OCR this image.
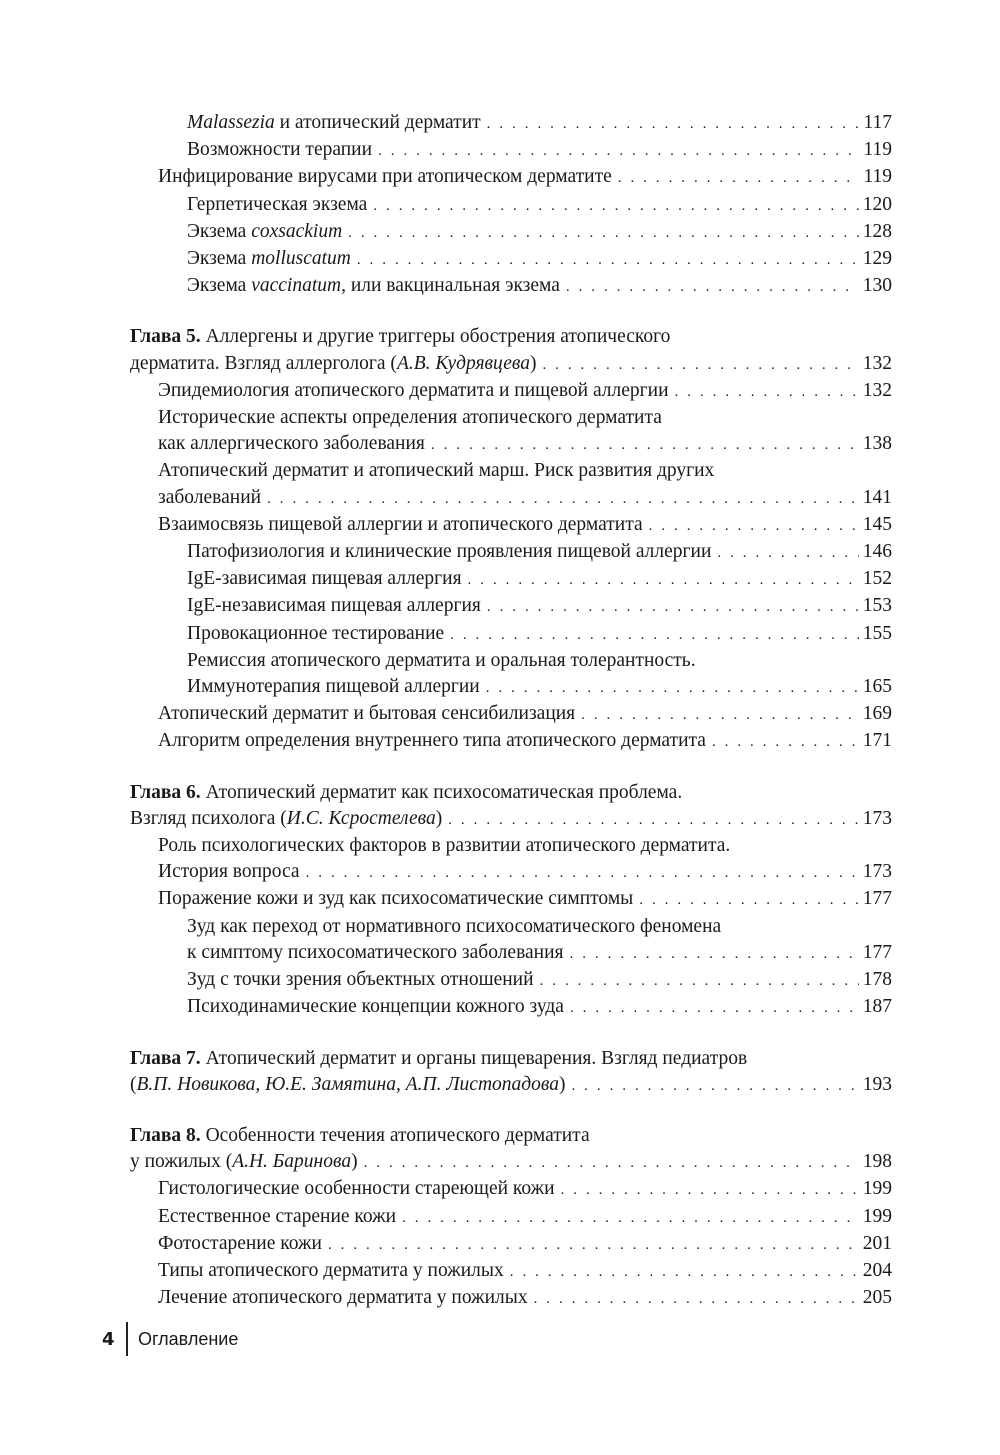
Malassezia и атопический дерматит . . .	117
Возможности терапии . . .	119
Инфицирование вирусами при атопическом дерматите . . .	119
Герпетическая экзема . . .	120
Экзема coxsackium . . .	128
Экзема molluscatum . . .	129
Экзема vaccinatum, или вакцинальная экзема . . .	130
Глава 5. Аллергены и другие триггеры обострения атопического
дерматита. Взгляд аллерголога (А.В. Кудрявцева) . . .	132
Эпидемиология атопического дерматита и пищевой аллергии . . .	132
Исторические аспекты определения атопического дерматита
как аллергического заболевания . . .	138
Атопический дерматит и атопический марш. Риск развития других
заболеваний . . .	141
Взаимосвязь пищевой аллергии и атопического дерматита . . .	145
Патофизиология и клинические проявления пищевой аллергии . . .	146
IgE-зависимая пищевая аллергия . . .	152
IgE-независимая пищевая аллергия . . .	153
Провокационное тестирование . . .	155
Ремиссия атопического дерматита и оральная толерантность.
Иммунотерапия пищевой аллергии . . .	165
Атопический дерматит и бытовая сенсибилизация . . .	169
Алгоритм определения внутреннего типа атопического дерматита . . .	171
Глава 6. Атопический дерматит как психосоматическая проблема.
Взгляд психолога (И.С. Ксростелева) . . .	173
Роль психологических факторов в развитии атопического дерматита.
История вопроса . . .	173
Поражение кожи и зуд как психосоматические симптомы . . .	177
Зуд как переход от нормативного психосоматического феномена
к симптому психосоматического заболевания . . .	177
Зуд с точки зрения объектных отношений . . .	178
Психодинамические концепции кожного зуда . . .	187
Глава 7. Атопический дерматит и органы пищеварения. Взгляд педиатров
(В.П. Новикова, Ю.Е. Замятина, А.П. Листопадова) . . .	193
Глава 8. Особенности течения атопического дерматита
у пожилых (А.Н. Баринова) . . .	198
Гистологические особенности стареющей кожи . . .	199
Естественное старение кожи . . .	199
Фотостарение кожи . . .	201
Типы атопического дерматита у пожилых . . .	204
Лечение атопического дерматита у пожилых . . .	205
4 Оглавление
